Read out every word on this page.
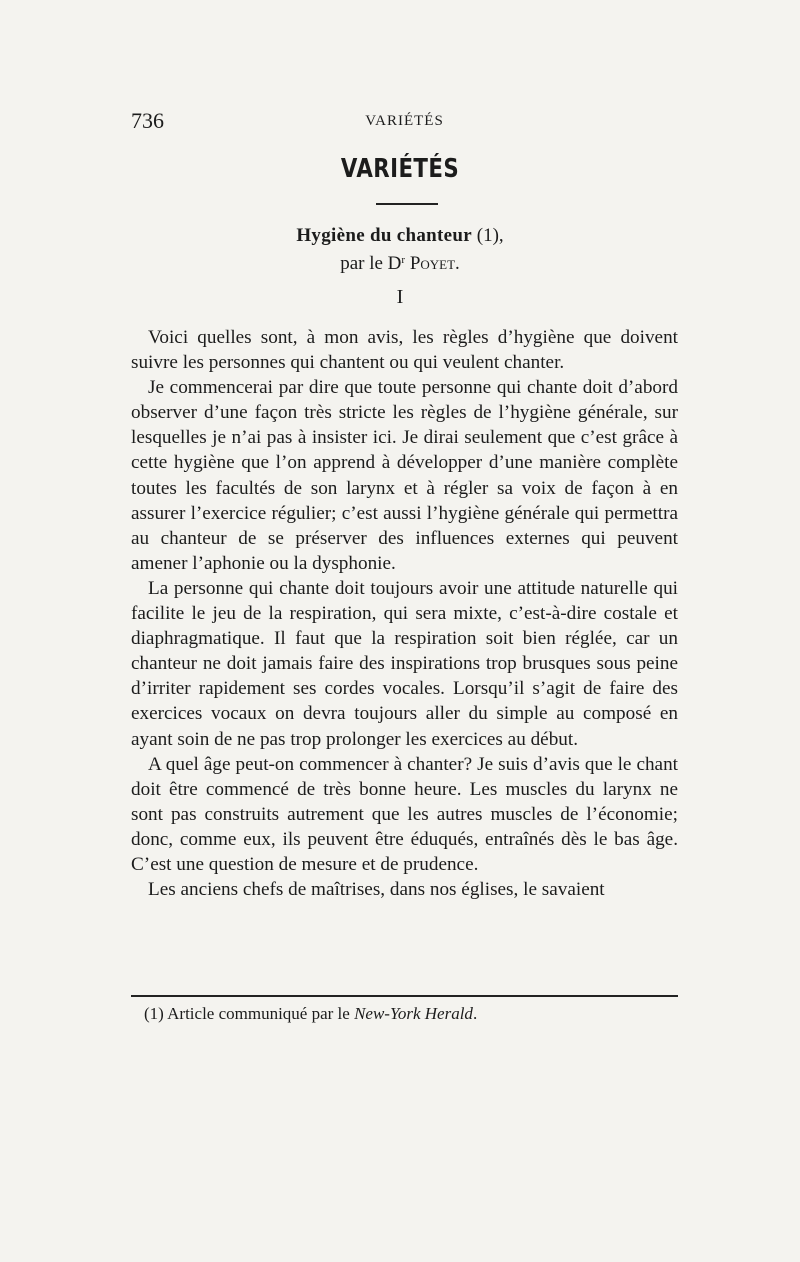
736	VARIÉTÉS
VARIÉTÉS
Hygiène du chanteur (1),
par le $D^r$ Poyet.
I

Voici quelles sont, à mon avis, les règles d’hygiène que doivent suivre les personnes qui chantent ou qui veulent chanter.

Je commencerai par dire que toute personne qui chante doit d’abord observer d’une façon très stricte les règles de l’hygiène générale, sur lesquelles je n’ai pas à insister ici. Je dirai seulement que c’est grâce à cette hygiène que l’on apprend à développer d’une manière complète toutes les facultés de son larynx et à régler sa voix de façon à en assurer l’exercice régulier; c’est aussi l’hygiène générale qui permettra au chanteur de se préserver des influences externes qui peuvent amener l’aphonie ou la dysphonie.

La personne qui chante doit toujours avoir une attitude naturelle qui facilite le jeu de la respiration, qui sera mixte, c’est-à-dire costale et diaphragmatique. Il faut que la respiration soit bien réglée, car un chanteur ne doit jamais faire des inspirations trop brusques sous peine d’irriter rapidement ses cordes vocales. Lorsqu’il s’agit de faire des exercices vocaux on devra toujours aller du simple au composé en ayant soin de ne pas trop prolonger les exercices au début.

A quel âge peut-on commencer à chanter? Je suis d’avis que le chant doit être commencé de très bonne heure. Les muscles du larynx ne sont pas construits autrement que les autres muscles de l’économie; donc, comme eux, ils peuvent être éduqués, entraînés dès le bas âge. C’est une question de mesure et de prudence.

Les anciens chefs de maîtrises, dans nos églises, le savaient

(1) Article communiqué par le New-York Herald.
